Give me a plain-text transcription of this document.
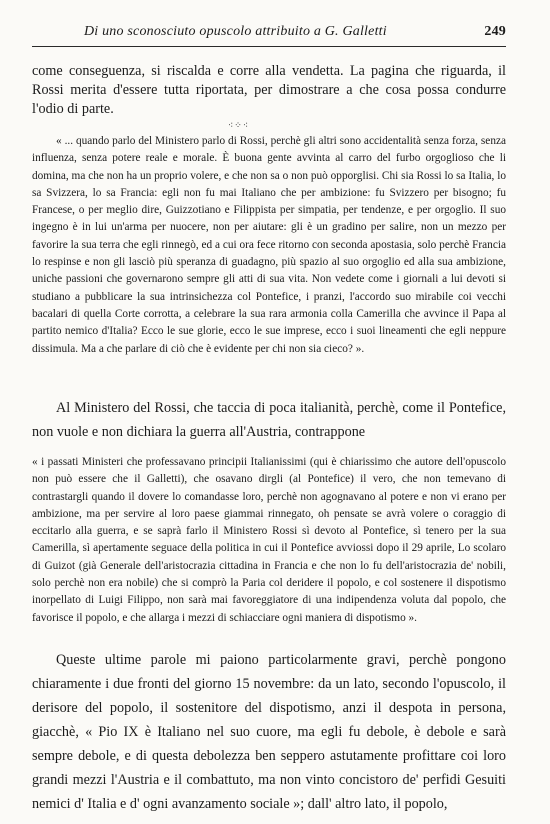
Di uno sconosciuto opuscolo attribuito a G. Galletti	249
come conseguenza, si riscalda e corre alla vendetta. La pagina che riguarda, il Rossi merita d'essere tutta riportata, per dimostrare a che cosa possa condurre l'odio di parte.
⁖⁘⁖
« ... quando parlo del Ministero parlo di Rossi, perchè gli altri sono accidentalità senza forza, senza influenza, senza potere reale e morale. È buona gente avvinta al carro del furbo orgoglioso che li domina, ma che non ha un proprio volere, e che non sa o non può opporglisi. Chi sia Rossi lo sa Italia, lo sa Svizzera, lo sa Francia: egli non fu mai Italiano che per ambizione: fu Svizzero per bisogno; fu Francese, o per meglio dire, Guizzotiano e Filippista per simpatia, per tendenze, e per orgoglio. Il suo ingegno è in lui un'arma per nuocere, non per aiutare: gli è un gradino per salire, non un mezzo per favorire la sua terra che egli rinnegò, ed a cui ora fece ritorno con seconda apostasia, solo perchè Francia lo respinse e non gli lasciò più speranza di guadagno, più spazio al suo orgoglio ed alla sua ambizione, uniche passioni che governarono sempre gli atti di sua vita. Non vedete come i giornali a lui devoti si studiano a pubblicare la sua intrinsichezza col Pontefice, i pranzi, l'accordo suo mirabile coi vecchi bacalari di quella Corte corrotta, a celebrare la sua rara armonia colla Camerilla che avvince il Papa al partito nemico d'Italia? Ecco le sue glorie, ecco le sue imprese, ecco i suoi lineamenti che egli neppure dissimula. Ma a che parlare di ciò che è evidente per chi non sia cieco? ».
Al Ministero del Rossi, che taccia di poca italianità, perchè, come il Pontefice, non vuole e non dichiara la guerra all'Austria, contrappone
« i passati Ministeri che professavano principii Italianissimi (qui è chiarissimo che autore dell'opuscolo non può essere che il Galletti), che osavano dirgli (al Pontefice) il vero, che non temevano di contrastargli quando il dovere lo comandasse loro, perchè non agognavano al potere e non vi erano per ambizione, ma per servire al loro paese giammai rinnegato, oh pensate se avrà volere o coraggio di eccitarlo alla guerra, e se saprà farlo il Ministero Rossi sì devoto al Pontefice, sì tenero per la sua Camerilla, sì apertamente seguace della politica in cui il Pontefice avviossi dopo il 29 aprile, Lo scolaro di Guizot (già Generale dell'aristocrazia cittadina in Francia e che non lo fu dell'aristocrazia de' nobili, solo perchè non era nobile) che si comprò la Paria col deridere il popolo, e col sostenere il dispotismo inorpellato di Luigi Filippo, non sarà mai favoreggiatore di una indipendenza voluta dal popolo, che favorisce il popolo, e che allarga i mezzi di schiacciare ogni maniera di dispotismo ».
Queste ultime parole mi paiono particolarmente gravi, perchè pongono chiaramente i due fronti del giorno 15 novembre: da un lato, secondo l'opuscolo, il derisore del popolo, il sostenitore del dispotismo, anzi il despota in persona, giacchè, « Pio IX è Italiano nel suo cuore, ma egli fu debole, è debole e sarà sempre debole, e di questa debolezza ben seppero astutamente profittare coi loro grandi mezzi l'Austria e il combattuto, ma non vinto concistoro de' perfidi Gesuiti nemici d' Italia e d' ogni avanzamento sociale »; dall' altro lato, il popolo,
